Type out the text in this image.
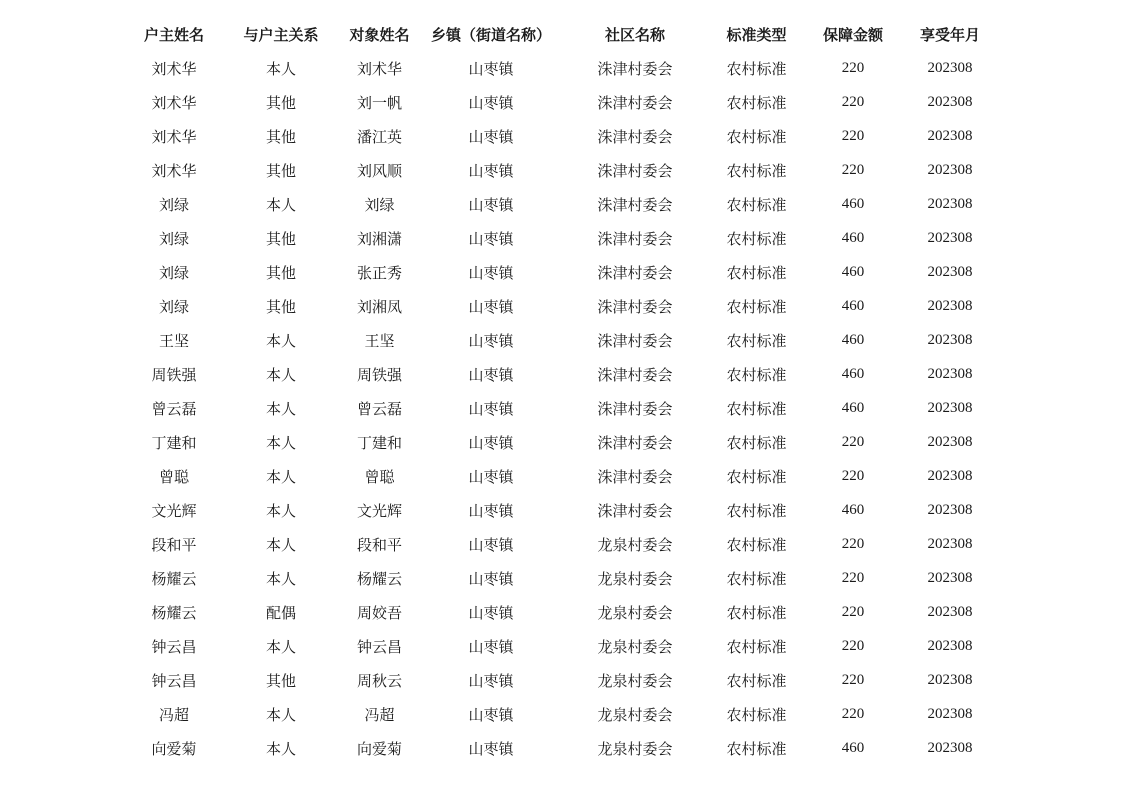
户主姓名	与户主关系	对象姓名	乡镇（街道名称）	社区名称	标准类型	保障金额	享受年月
刘术华	本人	刘术华	山枣镇	洙津村委会	农村标准	220	202308
刘术华	其他	刘一帆	山枣镇	洙津村委会	农村标准	220	202308
刘术华	其他	潘江英	山枣镇	洙津村委会	农村标准	220	202308
刘术华	其他	刘风顺	山枣镇	洙津村委会	农村标准	220	202308
刘绿	本人	刘绿	山枣镇	洙津村委会	农村标准	460	202308
刘绿	其他	刘湘潇	山枣镇	洙津村委会	农村标准	460	202308
刘绿	其他	张正秀	山枣镇	洙津村委会	农村标准	460	202308
刘绿	其他	刘湘凤	山枣镇	洙津村委会	农村标准	460	202308
王坚	本人	王坚	山枣镇	洙津村委会	农村标准	460	202308
周铁强	本人	周铁强	山枣镇	洙津村委会	农村标准	460	202308
曾云磊	本人	曾云磊	山枣镇	洙津村委会	农村标准	460	202308
丁建和	本人	丁建和	山枣镇	洙津村委会	农村标准	220	202308
曾聪	本人	曾聪	山枣镇	洙津村委会	农村标准	220	202308
文光辉	本人	文光辉	山枣镇	洙津村委会	农村标准	460	202308
段和平	本人	段和平	山枣镇	龙泉村委会	农村标准	220	202308
杨耀云	本人	杨耀云	山枣镇	龙泉村委会	农村标准	220	202308
杨耀云	配偶	周姣吾	山枣镇	龙泉村委会	农村标准	220	202308
钟云昌	本人	钟云昌	山枣镇	龙泉村委会	农村标准	220	202308
钟云昌	其他	周秋云	山枣镇	龙泉村委会	农村标准	220	202308
冯超	本人	冯超	山枣镇	龙泉村委会	农村标准	220	202308
向爱菊	本人	向爱菊	山枣镇	龙泉村委会	农村标准	460	202308
